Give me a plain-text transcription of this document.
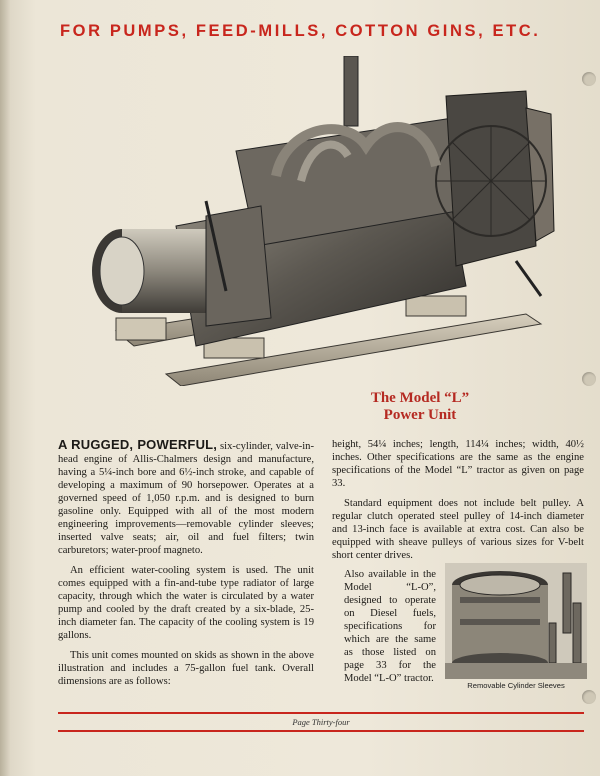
FOR PUMPS, FEED-MILLS, COTTON GINS, ETC.
The Model “L”
Power Unit

A RUGGED, POWERFUL, six-cylinder, valve-in-head engine of Allis-Chalmers design and manufacture, having a 5¼-inch bore and 6½-inch stroke, and capable of developing a maximum of 90 horsepower. Operates at a governed speed of 1,050 r.p.m. and is designed to burn gasoline only. Equipped with all of the most modern engineering improvements—removable cylinder sleeves; inserted valve seats; air, oil and fuel filters; twin carburetors; water-proof magneto.

An efficient water-cooling system is used. The unit comes equipped with a fin-and-tube type radiator of large capacity, through which the water is circulated by a water pump and cooled by the draft created by a six-blade, 25-inch diameter fan. The capacity of the cooling system is 19 gallons.

This unit comes mounted on skids as shown in the above illustration and includes a 75-gallon fuel tank. Overall dimensions are as follows:

height, 54¼ inches; length, 114¼ inches; width, 40½ inches. Other specifications are the same as the engine specifications of the Model “L” tractor as given on page 33.

Standard equipment does not include belt pulley. A regular clutch operated steel pulley of 14-inch diameter and 13-inch face is available at extra cost. Can also be equipped with sheave pulleys of various sizes for V-belt short center drives.

Also available in the Model “L-O”, designed to operate on Diesel fuels, specifications for which are the same as those listed on page 33 for the Model “L-O” tractor.
Removable Cylinder Sleeves
Page Thirty-four
